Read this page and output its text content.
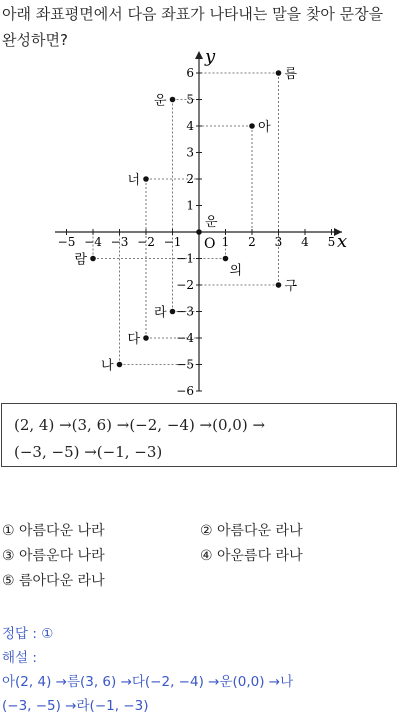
아래 좌표평면에서 다음 좌표가 나타내는 말을 찾아 문장을 완성하면?
x
y
O
−5 −4 −3 −2 −1	1 2 3 4 5
6
5
4
3
2
1
−1
−2
−3
−4
−5
−6
름
운
아
너
운
람
의
구
라
다
나
(2, 4) →(3, 6) →(−2, −4) →(0,0) →
(−3, −5) →(−1, −3)
① 아름다운 나라	② 아름다운 라나
③ 아름운다 나라	④ 아운름다 라나
⑤ 름아다운 라나
정답 : ①
해설 :
아(2, 4) →름(3, 6) →다(−2, −4) →운(0,0) →나
(−3, −5) →라(−1, −3)
